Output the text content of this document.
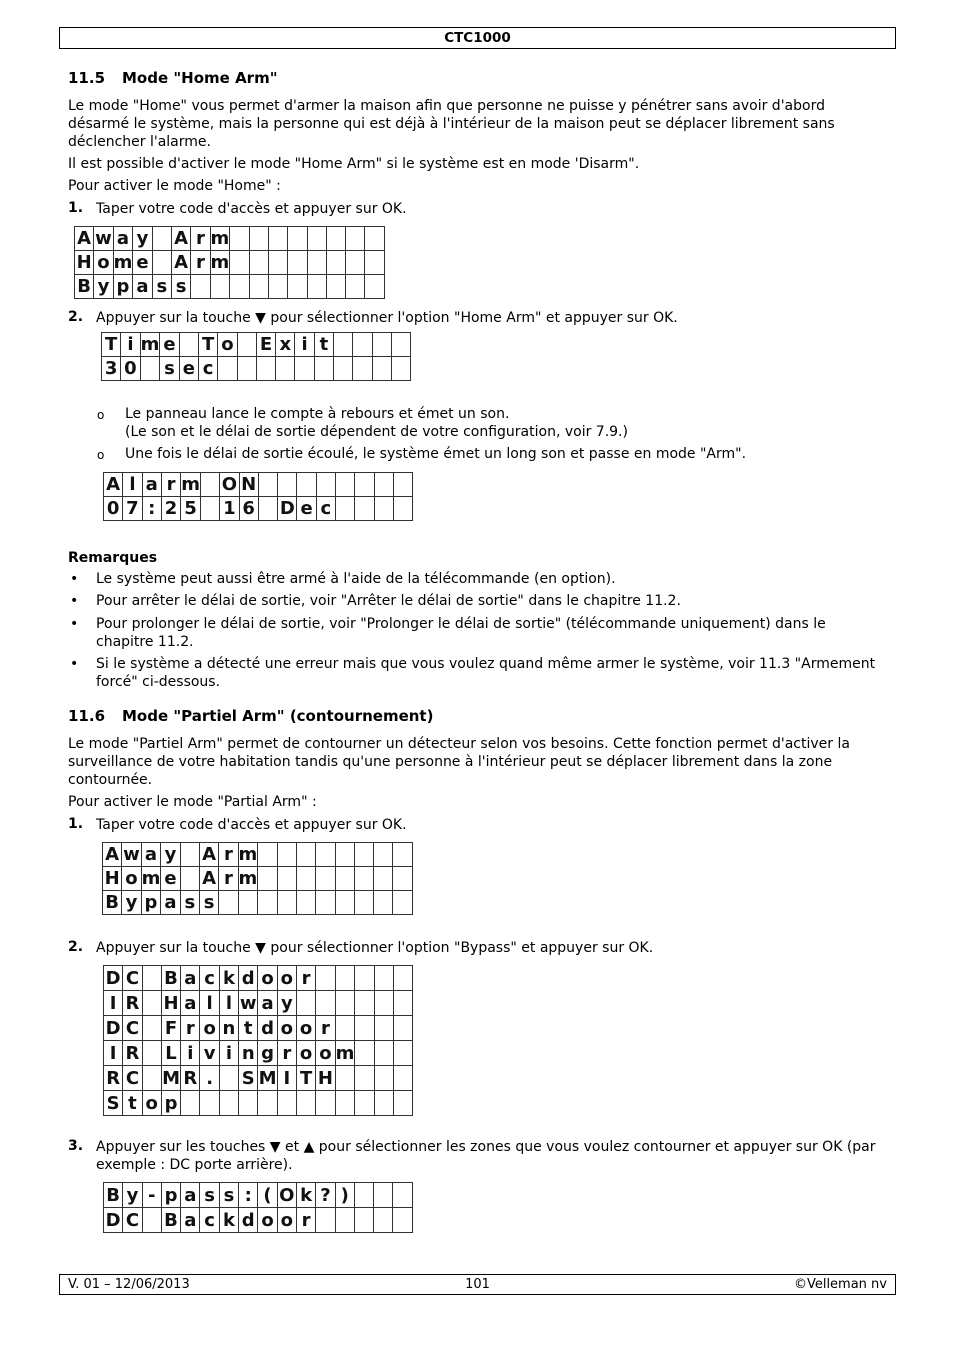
CTC1000
11.5 Mode "Home Arm"
Le mode "Home" vous permet d'armer la maison afin que personne ne puisse y pénétrer sans avoir d'abord désarmé le système, mais la personne qui est déjà à l'intérieur de la maison peut se déplacer librement sans déclencher l'alarme.
Il est possible d'activer le mode "Home Arm" si le système est en mode 'Disarm".
Pour activer le mode "Home" :
1. Taper votre code d'accès et appuyer sur OK.
A	w	a	y		A	r	m								
H	o	m	e		A	r	m								
B	y	p	a	s	s										
2. Appuyer sur la touche ▼ pour sélectionner l'option "Home Arm" et appuyer sur OK.
T	i	m	e		T	o		E	x	i	t				
3	0		s	e	c										
o Le panneau lance le compte à rebours et émet un son.
(Le son et le délai de sortie dépendent de votre configuration, voir 7.9.)
o Une fois le délai de sortie écoulé, le système émet un long son et passe en mode "Arm".
A	l	a	r	m		O	N								
0	7	:	2	5		1	6		D	e	c				
Remarques
• Le système peut aussi être armé à l'aide de la télécommande (en option).
• Pour arrêter le délai de sortie, voir "Arrêter le délai de sortie" dans le chapitre 11.2.
• Pour prolonger le délai de sortie, voir "Prolonger le délai de sortie" (télécommande uniquement) dans le chapitre 11.2.
• Si le système a détecté une erreur mais que vous voulez quand même armer le système, voir 11.3 "Armement forcé" ci-dessous.
11.6 Mode "Partiel Arm" (contournement)
Le mode "Partiel Arm" permet de contourner un détecteur selon vos besoins. Cette fonction permet d'activer la surveillance de votre habitation tandis qu'une personne à l'intérieur peut se déplacer librement dans la zone contournée.
Pour activer le mode "Partial Arm" :
1. Taper votre code d'accès et appuyer sur OK.
A	w	a	y		A	r	m								
H	o	m	e		A	r	m								
B	y	p	a	s	s										
2. Appuyer sur la touche ▼ pour sélectionner l'option "Bypass" et appuyer sur OK.
D	C		B	a	c	k	d	o	o	r					
I	R		H	a	l	l	w	a	y						
D	C		F	r	o	n	t	d	o	o	r				
I	R		L	i	v	i	n	g	r	o	o	m			
R	C		M	R	.		S	M	I	T	H				
S	t	o	p												
3. Appuyer sur les touches ▼ et ▲ pour sélectionner les zones que vous voulez contourner et appuyer sur OK (par exemple : DC porte arrière).
B	y	-	p	a	s	s	:	(	O	k	?	)			
D	C		B	a	c	k	d	o	o	r					
V. 01 – 12/06/2013	101	©Velleman nv
